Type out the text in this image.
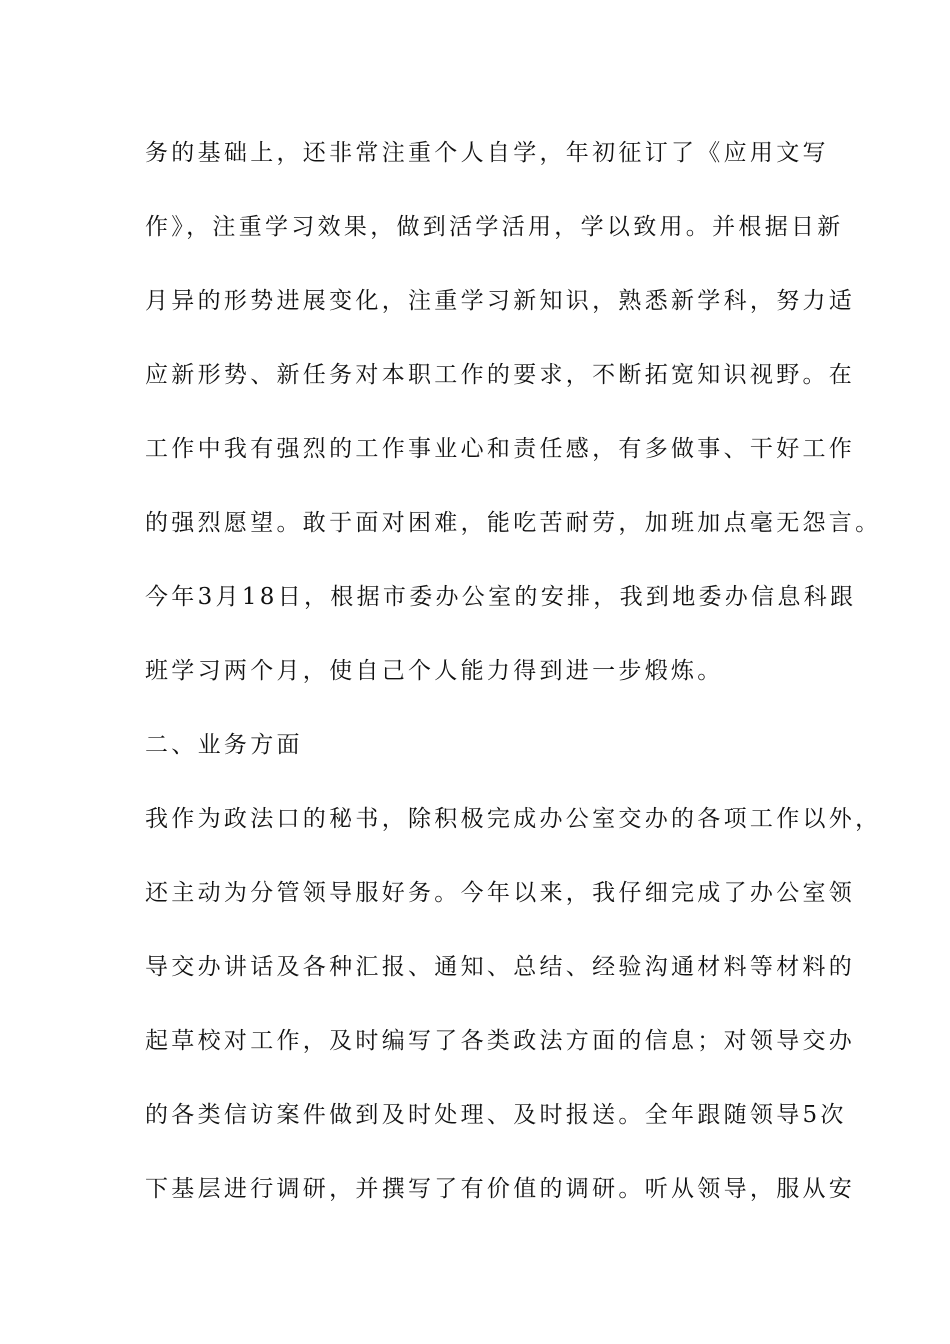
务的基础上，还非常注重个人自学，年初征订了《应用文写
作》，注重学习效果，做到活学活用，学以致用。并根据日新
月异的形势进展变化，注重学习新知识，熟悉新学科，努力适
应新形势、新任务对本职工作的要求，不断拓宽知识视野。在
工作中我有强烈的工作事业心和责任感，有多做事、干好工作
的强烈愿望。敢于面对困难，能吃苦耐劳，加班加点毫无怨言。
今年3月18日，根据市委办公室的安排，我到地委办信息科跟
班学习两个月，使自己个人能力得到进一步煅炼。
二、业务方面
我作为政法口的秘书，除积极完成办公室交办的各项工作以外，
还主动为分管领导服好务。今年以来，我仔细完成了办公室领
导交办讲话及各种汇报、通知、总结、经验沟通材料等材料的
起草校对工作，及时编写了各类政法方面的信息；对领导交办
的各类信访案件做到及时处理、及时报送。全年跟随领导5次
下基层进行调研，并撰写了有价值的调研。听从领导，服从安
